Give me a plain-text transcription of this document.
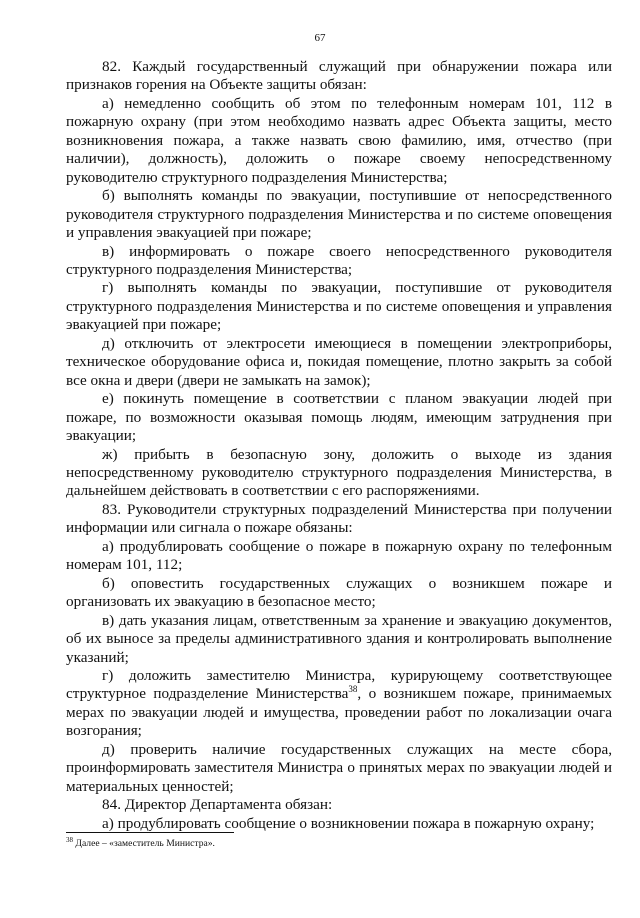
67

82. Каждый государственный служащий при обнаружении пожара или признаков горения на Объекте защиты обязан:

а) немедленно сообщить об этом по телефонным номерам 101, 112 в пожарную охрану (при этом необходимо назвать адрес Объекта защиты, место возникновения пожара, а также назвать свою фамилию, имя, отчество (при наличии), должность), доложить о пожаре своему непосредственному руководителю структурного подразделения Министерства;

б) выполнять команды по эвакуации, поступившие от непосредственного руководителя структурного подразделения Министерства и по системе оповещения и управления эвакуацией при пожаре;

в) информировать о пожаре своего непосредственного руководителя структурного подразделения Министерства;

г) выполнять команды по эвакуации, поступившие от руководителя структурного подразделения Министерства и по системе оповещения и управления эвакуацией при пожаре;

д) отключить от электросети имеющиеся в помещении электроприборы, техническое оборудование офиса и, покидая помещение, плотно закрыть за собой все окна и двери (двери не замыкать на замок);

е) покинуть помещение в соответствии с планом эвакуации людей при пожаре, по возможности оказывая помощь людям, имеющим затруднения при эвакуации;

ж) прибыть в безопасную зону, доложить о выходе из здания непосредственному руководителю структурного подразделения Министерства, в дальнейшем действовать в соответствии с его распоряжениями.

83. Руководители структурных подразделений Министерства при получении информации или сигнала о пожаре обязаны:

а) продублировать сообщение о пожаре в пожарную охрану по телефонным номерам 101, 112;

б) оповестить государственных служащих о возникшем пожаре и организовать их эвакуацию в безопасное место;

в) дать указания лицам, ответственным за хранение и эвакуацию документов, об их выносе за пределы административного здания и контролировать выполнение указаний;

г) доложить заместителю Министра, курирующему соответствующее структурное подразделение Министерства$^{38}$, о возникшем пожаре, принимаемых мерах по эвакуации людей и имущества, проведении работ по локализации очага возгорания;

д) проверить наличие государственных служащих на месте сбора, проинформировать заместителя Министра о принятых мерах по эвакуации людей и материальных ценностей;

84. Директор Департамента обязан:

а) продублировать сообщение о возникновении пожара в пожарную охрану;

$^{38}$ Далее – «заместитель Министра».
